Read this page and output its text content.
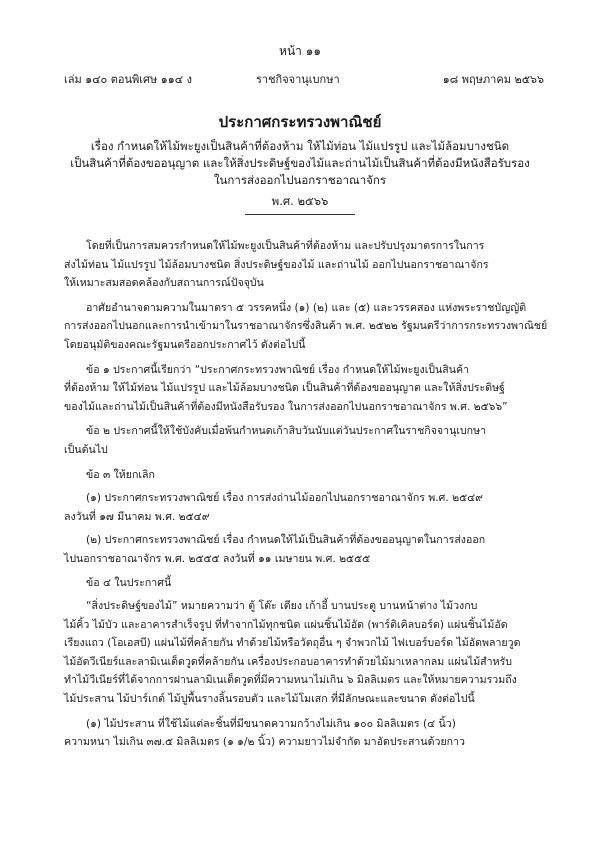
หน้า ๑๑
เล่ม ๑๔๐ ตอนพิเศษ ๑๑๔ ง	ราชกิจจานุเบกษา	๑๘ พฤษภาคม ๒๕๖๖
ประกาศกระทรวงพาณิชย์
เรื่อง กำหนดให้ไม้พะยูงเป็นสินค้าที่ต้องห้าม ให้ไม้ท่อน ไม้แปรรูป และไม้ล้อมบางชนิด
เป็นสินค้าที่ต้องขออนุญาต และให้สิ่งประดิษฐ์ของไม้และถ่านไม้เป็นสินค้าที่ต้องมีหนังสือรับรอง
ในการส่งออกไปนอกราชอาณาจักร
พ.ศ. ๒๕๖๖
โดยที่เป็นการสมควรกำหนดให้ไม้พะยูงเป็นสินค้าที่ต้องห้าม และปรับปรุงมาตรการในการ
ส่งไม้ท่อน ไม้แปรรูป ไม้ล้อมบางชนิด สิ่งประดิษฐ์ของไม้ และถ่านไม้ ออกไปนอกราชอาณาจักร
ให้เหมาะสมสอดคล้องกับสถานการณ์ปัจจุบัน
อาศัยอำนาจตามความในมาตรา ๕ วรรคหนึ่ง (๑) (๒) และ (๕) และวรรคสอง แห่งพระราชบัญญัติ
การส่งออกไปนอกและการนำเข้ามาในราชอาณาจักรซึ่งสินค้า พ.ศ. ๒๕๒๒ รัฐมนตรีว่าการกระทรวงพาณิชย์
โดยอนุมัติของคณะรัฐมนตรีออกประกาศไว้ ดังต่อไปนี้
ข้อ ๑ ประกาศนี้เรียกว่า “ประกาศกระทรวงพาณิชย์ เรื่อง กำหนดให้ไม้พะยูงเป็นสินค้า
ที่ต้องห้าม ให้ไม้ท่อน ไม้แปรรูป และไม้ล้อมบางชนิด เป็นสินค้าที่ต้องขออนุญาต และให้สิ่งประดิษฐ์
ของไม้และถ่านไม้เป็นสินค้าที่ต้องมีหนังสือรับรอง ในการส่งออกไปนอกราชอาณาจักร พ.ศ. ๒๕๖๖”
ข้อ ๒ ประกาศนี้ให้ใช้บังคับเมื่อพ้นกำหนดเก้าสิบวันนับแต่วันประกาศในราชกิจจานุเบกษา
เป็นต้นไป
ข้อ ๓ ให้ยกเลิก
(๑) ประกาศกระทรวงพาณิชย์ เรื่อง การส่งถ่านไม้ออกไปนอกราชอาณาจักร พ.ศ. ๒๕๔๙
ลงวันที่ ๑๗ มีนาคม พ.ศ. ๒๕๔๙
(๒) ประกาศกระทรวงพาณิชย์ เรื่อง กำหนดให้ไม้เป็นสินค้าที่ต้องขออนุญาตในการส่งออก
ไปนอกราชอาณาจักร พ.ศ. ๒๕๕๕ ลงวันที่ ๑๑ เมษายน พ.ศ. ๒๕๕๕
ข้อ ๔ ในประกาศนี้
“สิ่งประดิษฐ์ของไม้” หมายความว่า ตู้ โต๊ะ เตียง เก้าอี้ บานประตู บานหน้าต่าง ไม้วงกบ
ไม้คิ้ว ไม้บัว และอาคารสำเร็จรูป ที่ทำจากไม้ทุกชนิด แผ่นชิ้นไม้อัด (พาร์ติเคิลบอร์ด) แผ่นชิ้นไม้อัด
เรียงแถว (โอเอสบี) แผ่นไม้ที่คล้ายกัน ทำด้วยไม้หรือวัตถุอื่น ๆ จำพวกไม้ ไฟเบอร์บอร์ด ไม้อัดพลายวูด
ไม้อัดวีเนียร์และลามิเนเต็ดวูดที่คล้ายกัน เครื่องประกอบอาคารทำด้วยไม้มาเหลากลม แผ่นไม้สำหรับ
ทำไม้วีเนียร์ที่ได้จากการฝานลามิเนเต็ดวูดที่มีความหนาไม่เกิน ๖ มิลลิเมตร และให้หมายความรวมถึง
ไม้ประสาน ไม้ปาร์เกต์ ไม้ปูพื้นรางลิ้นรอบตัว และไม้โมเสก ที่มีลักษณะและขนาด ดังต่อไปนี้
(๑) ไม้ประสาน ที่ใช้ไม้แต่ละชิ้นที่มีขนาดความกว้างไม่เกิน ๑๐๐ มิลลิเมตร (๔ นิ้ว)
ความหนา ไม่เกิน ๓๗.๕ มิลลิเมตร (๑ ๑/๒ นิ้ว) ความยาวไม่จำกัด มาอัดประสานด้วยกาว
